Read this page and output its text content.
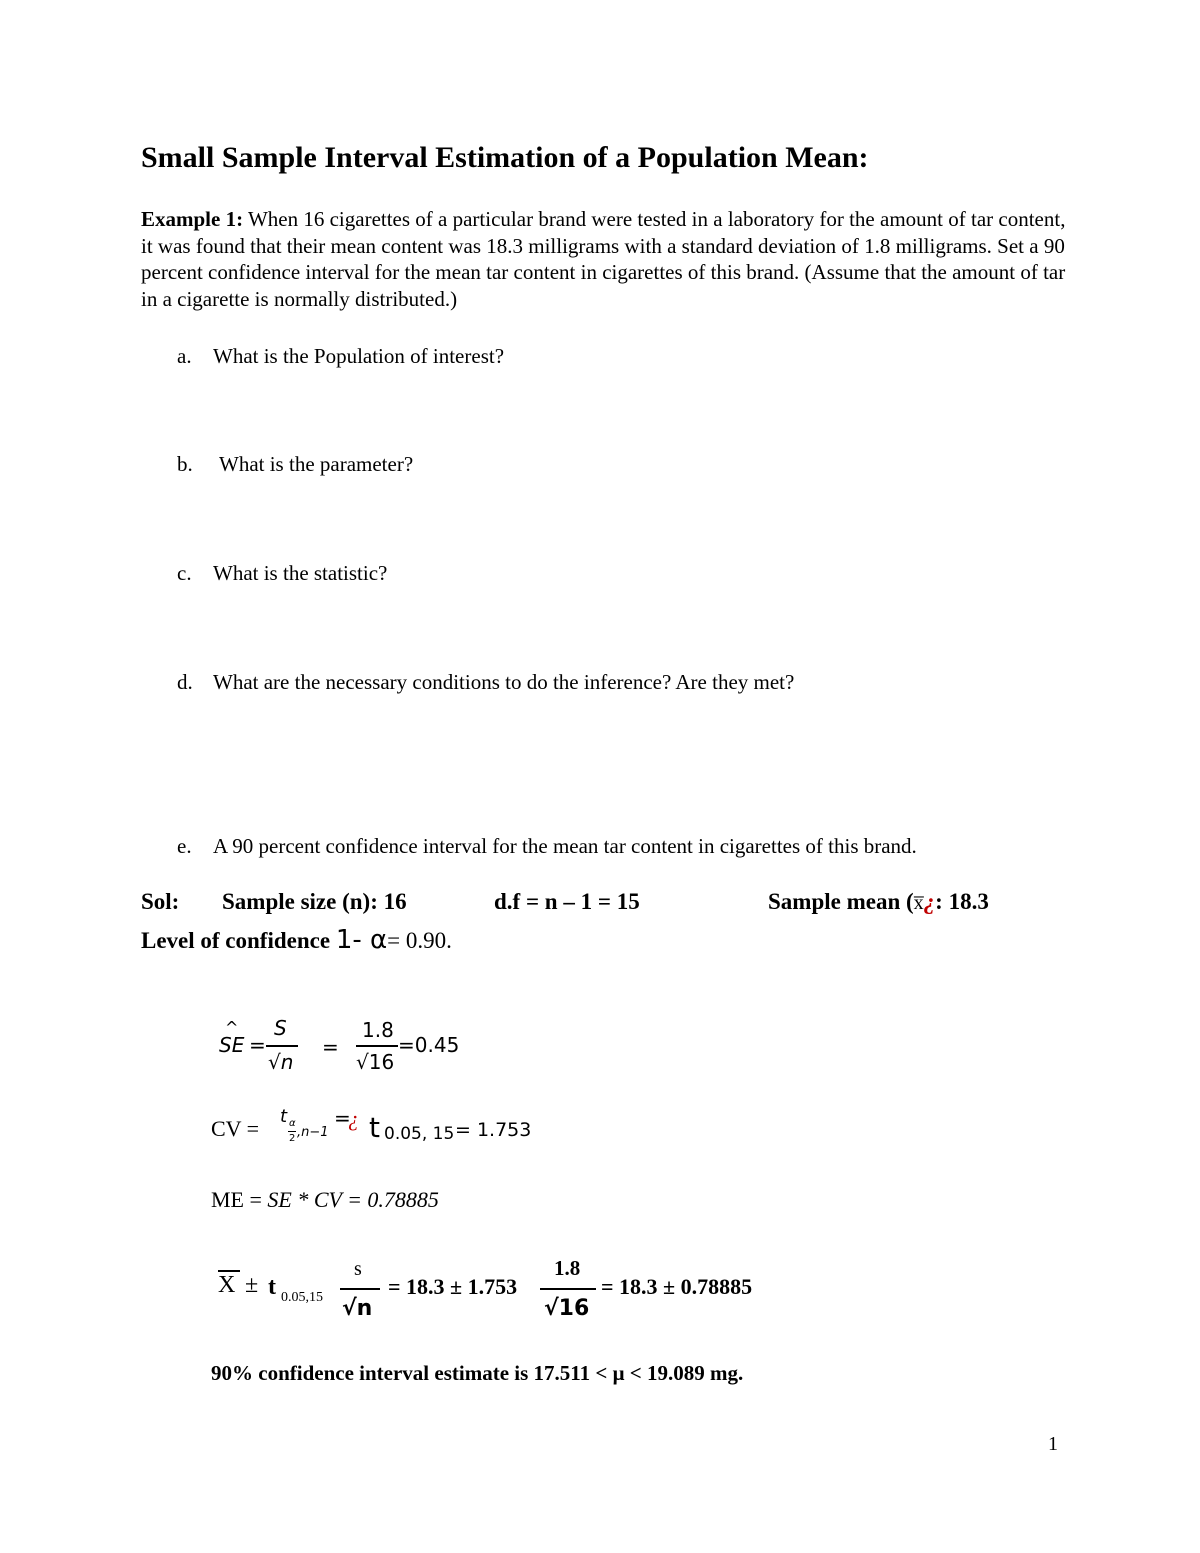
Small Sample Interval Estimation of a Population Mean:
Example 1: When 16 cigarettes of a particular brand were tested in a laboratory for the amount of tar content, it was found that their mean content was 18.3 milligrams with a standard deviation of 1.8 milligrams. Set a 90 percent confidence interval for the mean tar content in cigarettes of this brand. (Assume that the amount of tar in a cigarette is normally distributed.)
a. What is the Population of interest?
b. What is the parameter?
c. What is the statistic?
d. What are the necessary conditions to do the inference? Are they met?
e. A 90 percent confidence interval for the mean tar content in cigarettes of this brand.
Sol: Sample size (n): 16	d.f = n – 1 = 15	Sample mean (x̅¿: 18.3
Level of confidence 1- α= 0.90.
SE
^
=
S
√n
=
1.8
√16
=0.45
CV = t α
2 ,n−1
=
¿ t 0.05, 15 = 1.753
ME = SE * CV = 0.78885
X ± t 0.05,15
s
√n
= 18.3 ± 1.753
1.8
√16
= 18.3 ± 0.78885
90% confidence interval estimate is 17.511 < μ < 19.089 mg.
1
